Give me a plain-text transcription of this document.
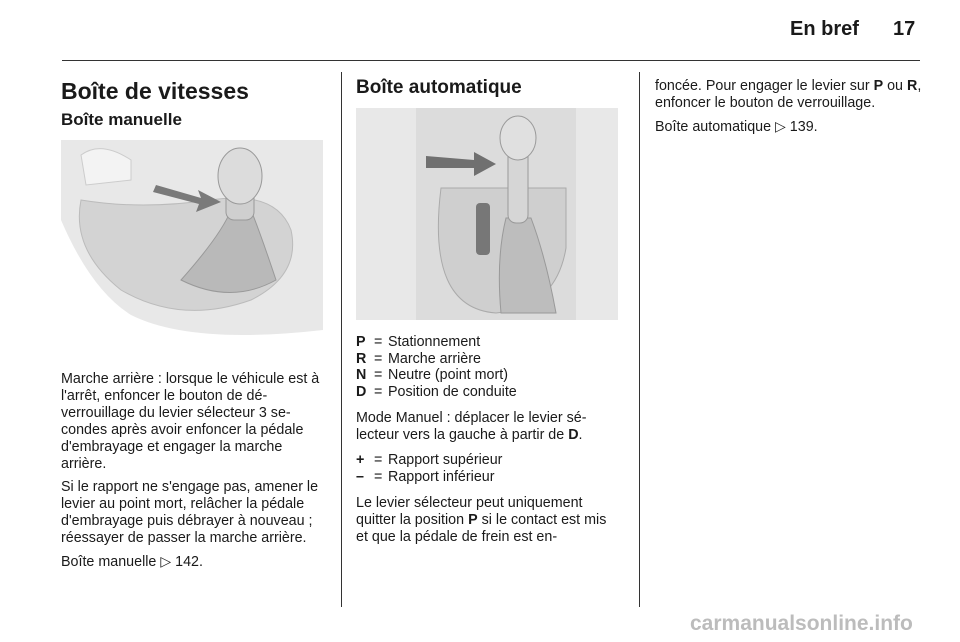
En bref 17
Boîte de vitesses
Boîte manuelle

Marche arrière : lorsque le véhicule est à l'arrêt, enfoncer le bouton de déverrouillage du levier sélecteur 3 secondes après avoir enfoncer la pédale d'embrayage et engager la marche arrière.

Si le rapport ne s'engage pas, amener le levier au point mort, relâcher la pédale d'embrayage puis débrayer à nouveau ; réessayer de passer la marche arrière.

Boîte manuelle ▷ 142.

Boîte automatique
P = Stationnement
R = Marche arrière
N = Neutre (point mort)
D = Position de conduite

Mode Manuel : déplacer le levier sélecteur vers la gauche à partir de D.

+ = Rapport supérieur
– = Rapport inférieur

Le levier sélecteur peut uniquement quitter la position P si le contact est mis et que la pédale de frein est en-

foncée. Pour engager le levier sur P ou R, enfoncer le bouton de verrouillage.

Boîte automatique ▷ 139.

carmanualsonline.info
